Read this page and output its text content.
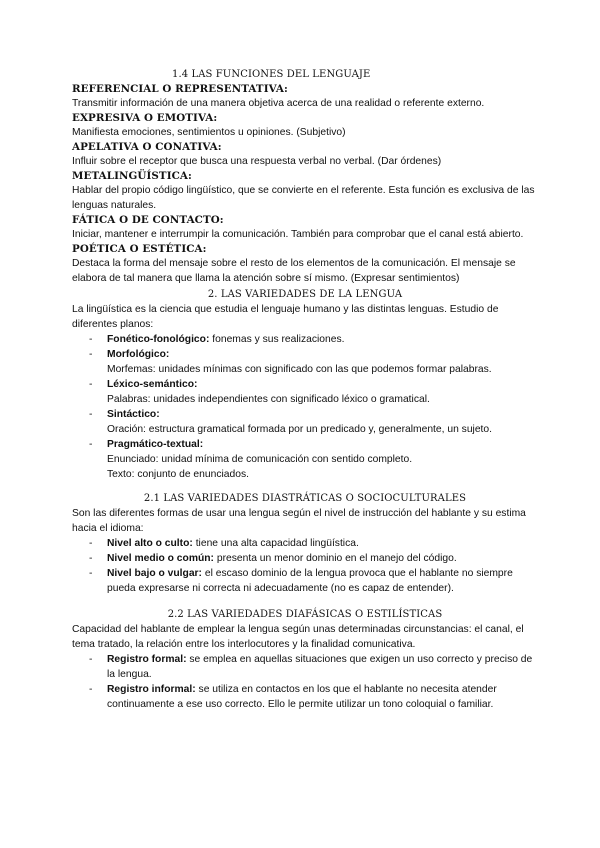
1.4 LAS FUNCIONES DEL LENGUAJE
REFERENCIAL O REPRESENTATIVA:
Transmitir información de una manera objetiva acerca de una realidad o referente externo.
EXPRESIVA O EMOTIVA:
Manifiesta emociones, sentimientos u opiniones. (Subjetivo)
APELATIVA O CONATIVA:
Influir sobre el receptor que busca una respuesta verbal no verbal. (Dar órdenes)
METALINGÜÍSTICA:
Hablar del propio código lingüístico, que se convierte en el referente. Esta función es exclusiva de las lenguas naturales.
FÁTICA O DE CONTACTO:
Iniciar, mantener e interrumpir la comunicación. También para comprobar que el canal está abierto.
POÉTICA O ESTÉTICA:
Destaca la forma del mensaje sobre el resto de los elementos de la comunicación. El mensaje se elabora de tal manera que llama la atención sobre sí mismo. (Expresar sentimientos)
2. LAS VARIEDADES DE LA LENGUA
La lingüística es la ciencia que estudia el lenguaje humano y las distintas lenguas. Estudio de diferentes planos:
- Fonético-fonológico: fonemas y sus realizaciones.
- Morfológico:
Morfemas: unidades mínimas con significado con las que podemos formar palabras.
- Léxico-semántico:
Palabras: unidades independientes con significado léxico o gramatical.
- Sintáctico:
Oración: estructura gramatical formada por un predicado y, generalmente, un sujeto.
- Pragmático-textual:
Enunciado: unidad mínima de comunicación con sentido completo.
Texto: conjunto de enunciados.
2.1 LAS VARIEDADES DIASTRÁTICAS O SOCIOCULTURALES
Son las diferentes formas de usar una lengua según el nivel de instrucción del hablante y su estima hacia el idioma:
- Nivel alto o culto: tiene una alta capacidad lingüística.
- Nivel medio o común: presenta un menor dominio en el manejo del código.
- Nivel bajo o vulgar: el escaso dominio de la lengua provoca que el hablante no siempre pueda expresarse ni correcta ni adecuadamente (no es capaz de entender).
2.2 LAS VARIEDADES DIAFÁSICAS O ESTILÍSTICAS
Capacidad del hablante de emplear la lengua según unas determinadas circunstancias: el canal, el tema tratado, la relación entre los interlocutores y la finalidad comunicativa.
- Registro formal: se emplea en aquellas situaciones que exigen un uso correcto y preciso de la lengua.
- Registro informal: se utiliza en contactos en los que el hablante no necesita atender continuamente a ese uso correcto. Ello le permite utilizar un tono coloquial o familiar.
